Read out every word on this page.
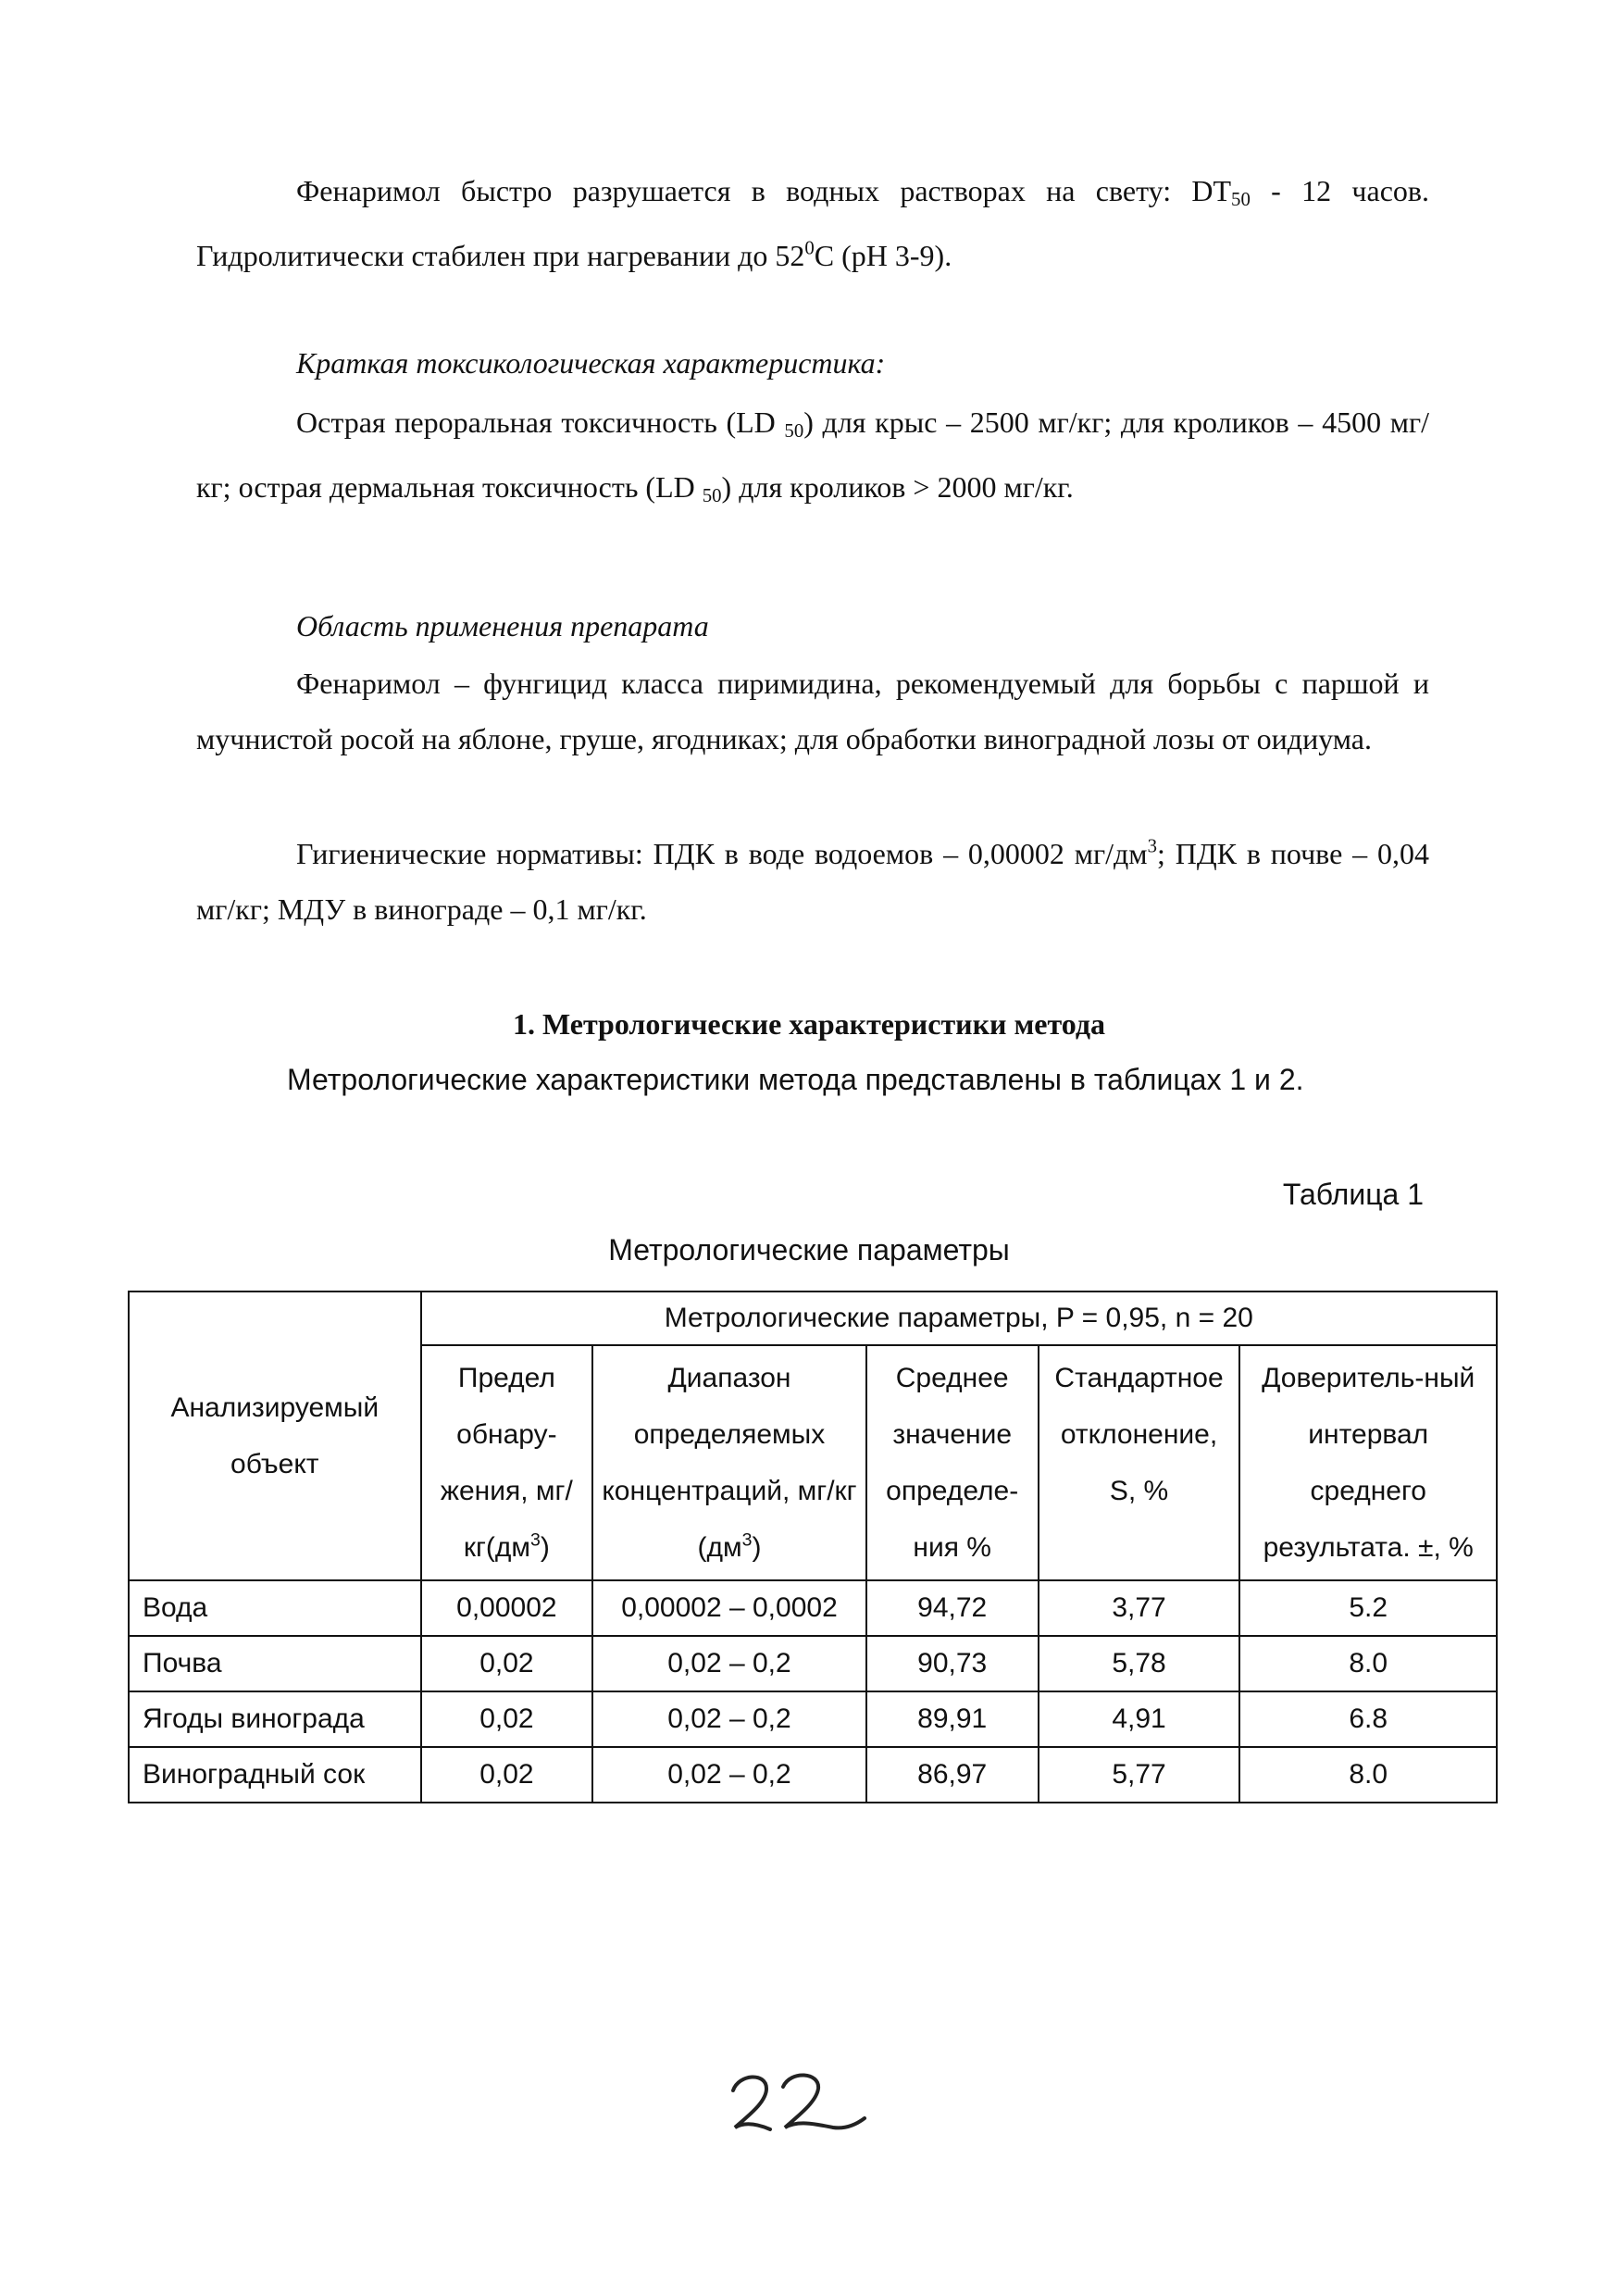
Фенаримол быстро разрушается в водных растворах на свету: $DT_{50} - 12$ часов. Гидролитически стабилен при нагревании до $52^0С$ (pH 3-9).

Краткая токсикологическая характеристика:

Острая пероральная токсичность (LD $_{50}$) для крыс – 2500 мг/кг; для кроликов – 4500 мг/кг; острая дермальная токсичность (LD $_{50}$) для кроликов > 2000 мг/кг.

Область применения препарата

Фенаримол – фунгицид класса пиримидина, рекомендуемый для борьбы с паршой и мучнистой росой на яблоне, груше, ягодниках; для обработки виноградной лозы от оидиума.

Гигиенические нормативы: ПДК в воде водоемов – 0,00002 $мг/дм^3$; ПДК в почве – 0,04 мг/кг; МДУ в винограде – 0,1 мг/кг.

1. Метрологические характеристики метода
Метрологические характеристики метода представлены в таблицах 1 и 2.
Таблица 1
Метрологические параметры
Анализируемый объект	Метрологические параметры, P = 0,95, n = 20				
	Предел обнару-жения, $мг/кг(дм^3)$	Диапазон определяемых концентраций, мг/кг $(дм^3)$	Среднее значение определе-ния %	Стандартное отклонение, S, %	Доверитель-ный интервал среднего результата. ±, %
Вода	0,00002	0,00002 – 0,0002	94,72	3,77	5.2
Почва	0,02	0,02 – 0,2	90,73	5,78	8.0
Ягоды винограда	0,02	0,02 – 0,2	89,91	4,91	6.8
Виноградный сок	0,02	0,02 – 0,2	86,97	5,77	8.0
